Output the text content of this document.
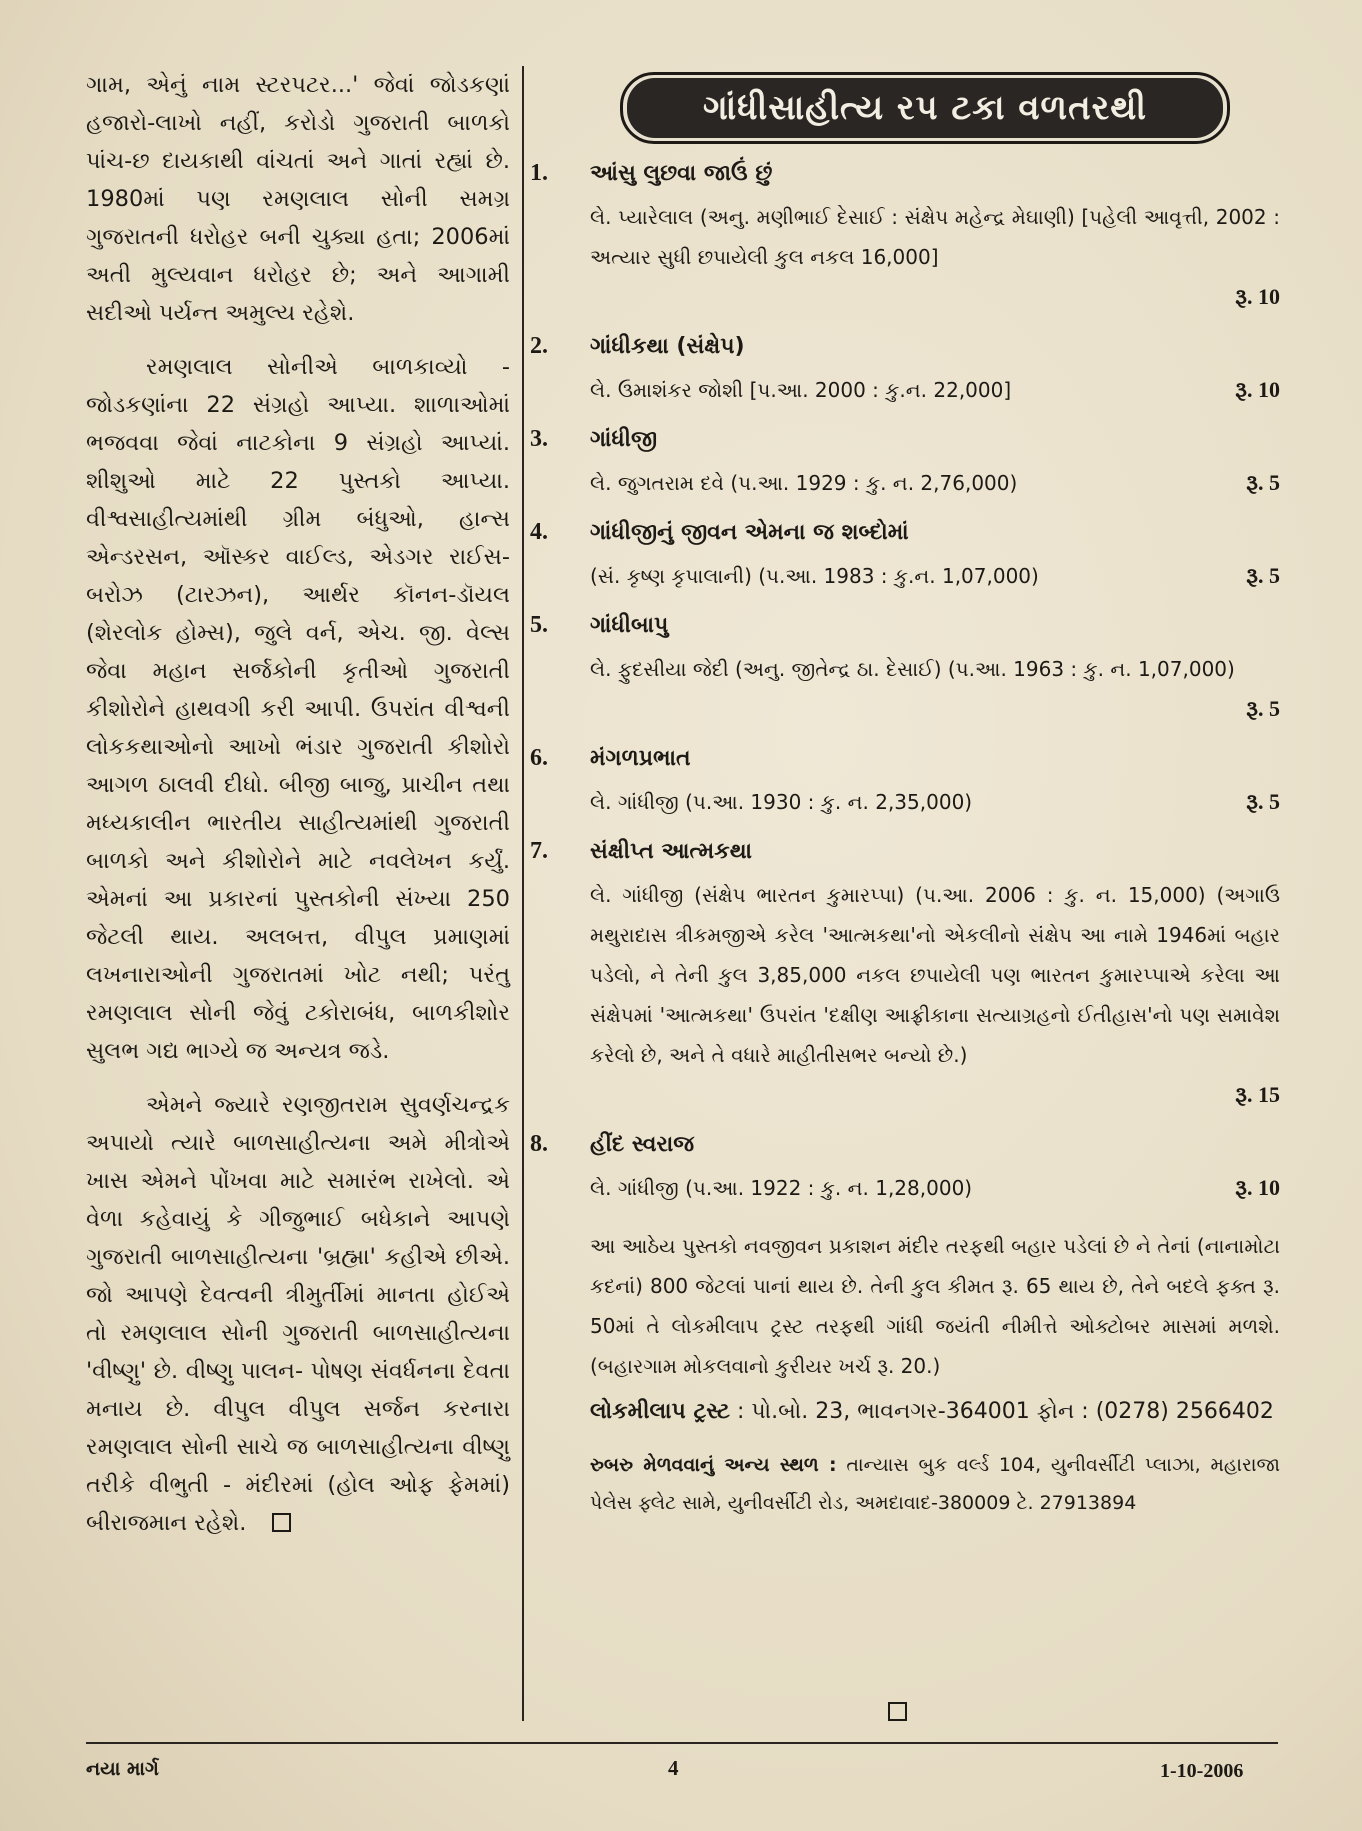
ગામ, એનું નામ સ્ટરપટર...' જેવાં જોડકણાં હજારો-લાખો નહીં, કરોડો ગુજરાતી બાળકો પાંચ-છ દાયકાથી વાંચતાં અને ગાતાં રહ્યાં છે. 1980માં પણ રમણલાલ સોની સમગ્ર ગુજરાતની ધરોહર બની ચુક્યા હતા; 2006માં અતી મુલ્યવાન ધરોહર છે; અને આગામી સદીઓ પર્યન્ત અમુલ્ય રહેશે.

રમણલાલ સોનીએ બાળકાવ્યો - જોડકણાંના 22 સંગ્રહો આપ્યા. શાળાઓમાં ભજવવા જેવાં નાટકોના 9 સંગ્રહો આપ્યાં. શીશુઓ માટે 22 પુસ્તકો આપ્યા. વીશ્વસાહીત્યમાંથી ગ્રીમ બંધુઓ, હાન્સ એન્ડરસન, ઑસ્કર વાઈલ્ડ, એડગર રાઈસ-બરોઝ (ટારઝન), આર્થર કૉનન-ડૉયલ (શેરલોક હોમ્સ), જુલે વર્ન, એચ. જી. વેલ્સ જેવા મહાન સર્જકોની કૃતીઓ ગુજરાતી કીશોરોને હાથવગી કરી આપી. ઉપરાંત વીશ્વની લોકકથાઓનો આખો ભંડાર ગુજરાતી કીશોરો આગળ ઠાલવી દીધો. બીજી બાજુ, પ્રાચીન તથા મધ્યકાલીન ભારતીય સાહીત્યમાંથી ગુજરાતી બાળકો અને કીશોરોને માટે નવલેખન કર્યું. એમનાં આ પ્રકારનાં પુસ્તકોની સંખ્યા 250 જેટલી થાય. અલબત્ત, વીપુલ પ્રમાણમાં લખનારાઓની ગુજરાતમાં ખોટ નથી; પરંતુ રમણલાલ સોની જેવું ટકોરાબંધ, બાળકીશોર સુલભ ગદ્ય ભાગ્યે જ અન્યત્ર જડે.

એમને જ્યારે રણજીતરામ સુવર્ણચન્દ્રક અપાયો ત્યારે બાળસાહીત્યના અમે મીત્રોએ ખાસ એમને પોંખવા માટે સમારંભ રાખેલો. એ વેળા કહેવાયું કે ગીજુભાઈ બધેકાને આપણે ગુજરાતી બાળસાહીત્યના 'બ્રહ્મા' કહીએ છીએ. જો આપણે દેવત્વની ત્રીમુર્તીમાં માનતા હોઈએ તો રમણલાલ સોની ગુજરાતી બાળસાહીત્યના 'વીષ્ણુ' છે. વીષ્ણુ પાલન- પોષણ સંવર્ધનના દેવતા મનાય છે. વીપુલ વીપુલ સર્જન કરનારા રમણલાલ સોની સાચે જ બાળસાહીત્યના વીષ્ણુ તરીકે વીભુતી - મંદીરમાં (હોલ ઓફ ફેમમાં) બીરાજમાન રહેશે.

ગાંધીસાહીત્ય રપ ટકા વળતરથી
1.	આંસુ લુછવા જાઉં છું
લે. પ્યારેલાલ (અનુ. મણીભાઈ દેસાઈ : સંક્ષેપ મહેન્દ્ર મેઘાણી) [પહેલી આવૃત્તી, 2002 : અત્યાર સુધી છપાયેલી કુલ નકલ 16,000]
રૂ. 10
2.	ગાંધીકથા (સંક્ષેપ)
લે. ઉમાશંકર જોશી [પ.આ. 2000 : કુ.ન. 22,000]	રૂ. 10
3.	ગાંધીજી
લે. જુગતરામ દવે (પ.આ. 1929 : કુ. ન. 2,76,000)	રૂ. 5
4.	ગાંધીજીનું જીવન એમના જ શબ્દોમાં
(સં. કૃષ્ણ કૃપાલાની) (પ.આ. 1983 : કુ.ન. 1,07,000)	રૂ. 5
5.	ગાંધીબાપુ
લે. ફુદસીયા જેદી (અનુ. જીતેન્દ્ર ઠા. દેસાઈ) (પ.આ. 1963 : કુ. ન. 1,07,000)
રૂ. 5
6.	મંગળપ્રભાત
લે. ગાંધીજી (પ.આ. 1930 : કુ. ન. 2,35,000)	રૂ. 5
7.	સંક્ષીપ્ત આત્મકથા
લે. ગાંધીજી (સંક્ષેપ ભારતન કુમારપ્પા) (પ.આ. 2006 : કુ. ન. 15,000) (અગાઉ મથુરાદાસ ત્રીકમજીએ કરેલ 'આત્મકથા'નો એકલીનો સંક્ષેપ આ નામે 1946માં બહાર પડેલો, ને તેની કુલ 3,85,000 નકલ છપાયેલી પણ ભારતન કુમારપ્પાએ કરેલા આ સંક્ષેપમાં 'આત્મકથા' ઉપરાંત 'દક્ષીણ આફ્રીકાના સત્યાગ્રહનો ઈતીહાસ'નો પણ સમાવેશ કરેલો છે, અને તે વધારે માહીતીસભર બન્યો છે.)
રૂ. 15
8.	હીંદ સ્વરાજ
લે. ગાંધીજી (પ.આ. 1922 : કુ. ન. 1,28,000)	રૂ. 10
આ આઠેય પુસ્તકો નવજીવન પ્રકાશન મંદીર તરફથી બહાર પડેલાં છે ને તેનાં (નાનામોટા કદનાં) 800 જેટલાં પાનાં થાય છે. તેની કુલ કીમત રૂ. 65 થાય છે, તેને બદલે ફક્ત રૂ. 50માં તે લોકમીલાપ ટ્રસ્ટ તરફથી ગાંધી જયંતી નીમીત્તે ઓક્ટોબર માસમાં મળશે. (બહારગામ મોકલવાનો કુરીયર ખર્ચ રૂ. 20.)
લોકમીલાપ ટ્રસ્ટ : પો.બો. 23, ભાવનગર-364001 ફોન : (0278) 2566402
રુબરુ મેળવવાનું અન્ય સ્થળ : તાન્યાસ બુક વર્લ્ડ 104, યુનીવર્સીટી પ્લાઝા, મહારાજા પેલેસ ફ્લેટ સામે, યુનીવર્સીટી રોડ, અમદાવાદ-380009 ટે. 27913894
નયા માર્ગ	4	1-10-2006
